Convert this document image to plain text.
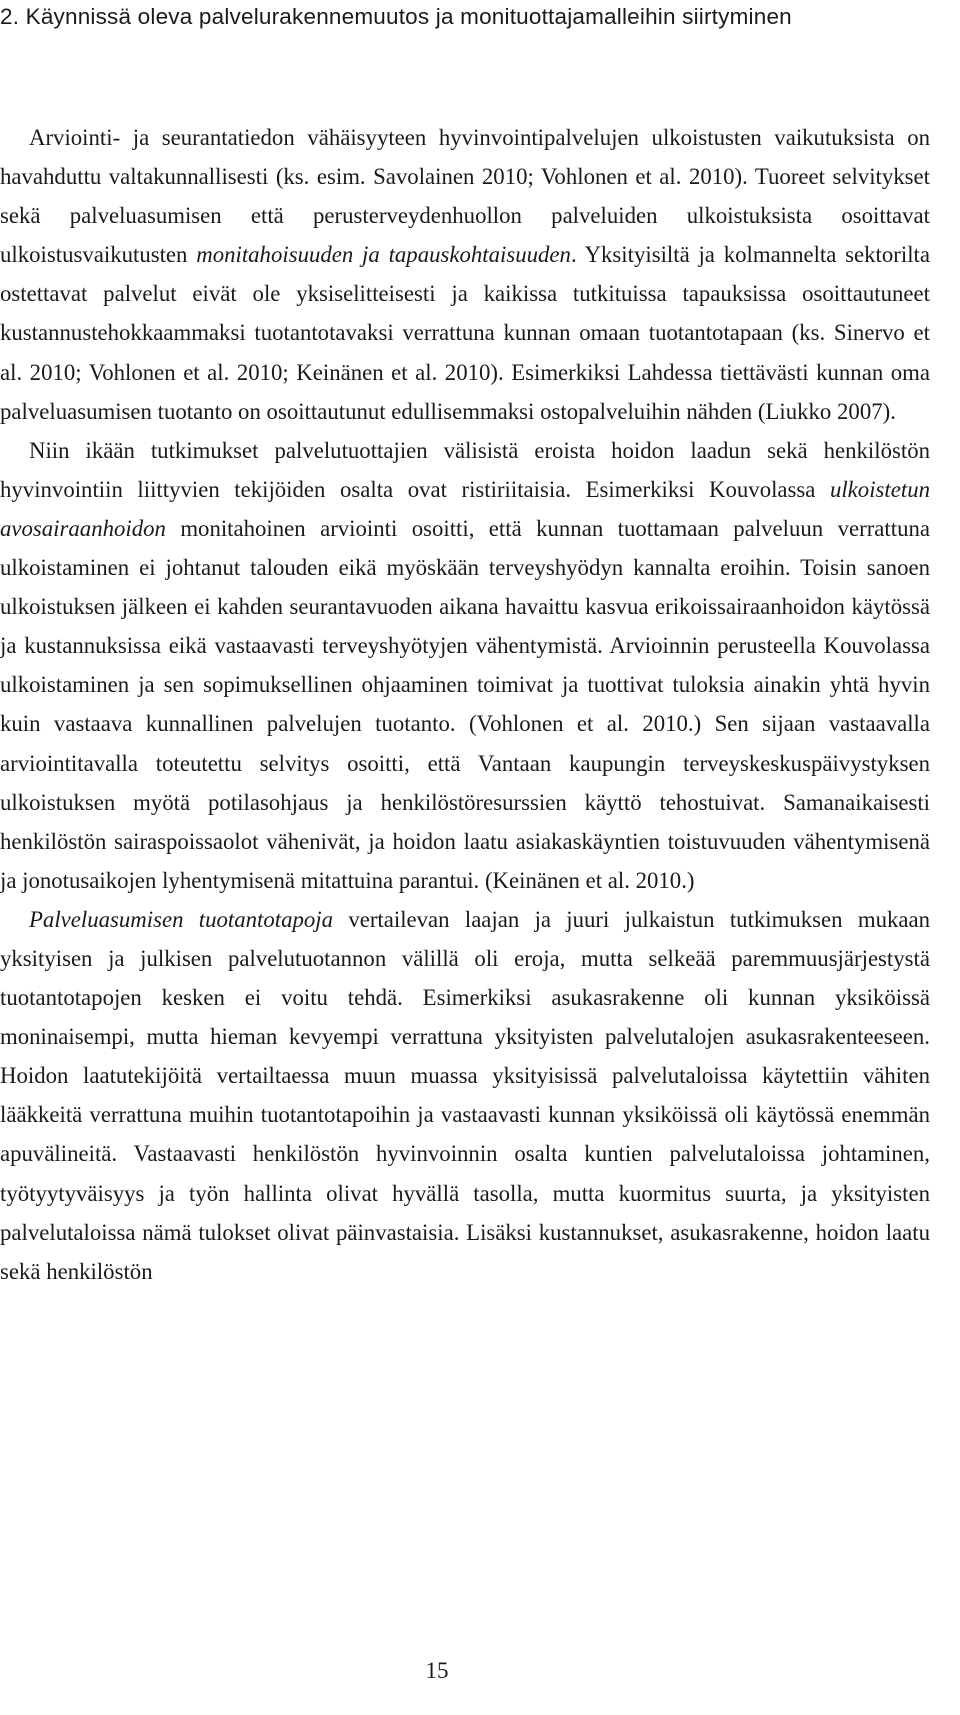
2. Käynnissä oleva palvelurakennemuutos ja monituottajamalleihin siirtyminen

Arviointi- ja seurantatiedon vähäisyyteen hyvinvointipalvelujen ulkoistusten vaikutuksista on havahduttu valtakunnallisesti (ks. esim. Savolainen 2010; Vohlonen et al. 2010). Tuoreet selvitykset sekä palveluasumisen että perusterveydenhuollon palveluiden ulkoistuksista osoittavat ulkoistusvaikutusten monitahoisuuden ja tapauskohtaisuuden. Yksityisiltä ja kolmannelta sektorilta ostettavat palvelut eivät ole yksiselitteisesti ja kaikissa tutkituissa tapauksissa osoittautuneet kustannustehokkaammaksi tuotantotavaksi verrattuna kunnan omaan tuotantotapaan (ks. Sinervo et al. 2010; Vohlonen et al. 2010; Keinänen et al. 2010). Esimerkiksi Lahdessa tiettävästi kunnan oma palveluasumisen tuotanto on osoittautunut edullisemmaksi ostopalveluihin nähden (Liukko 2007).

Niin ikään tutkimukset palvelutuottajien välisistä eroista hoidon laadun sekä henkilöstön hyvinvointiin liittyvien tekijöiden osalta ovat ristiriitaisia. Esimerkiksi Kouvolassa ulkoistetun avosairaanhoidon monitahoinen arviointi osoitti, että kunnan tuottamaan palveluun verrattuna ulkoistaminen ei johtanut talouden eikä myöskään terveyshyödyn kannalta eroihin. Toisin sanoen ulkoistuksen jälkeen ei kahden seurantavuoden aikana havaittu kasvua erikoissairaanhoidon käytössä ja kustannuksissa eikä vastaavasti terveyshyötyjen vähentymistä. Arvioinnin perusteella Kouvolassa ulkoistaminen ja sen sopimuksellinen ohjaaminen toimivat ja tuottivat tuloksia ainakin yhtä hyvin kuin vastaava kunnallinen palvelujen tuotanto. (Vohlonen et al. 2010.) Sen sijaan vastaavalla arviointitavalla toteutettu selvitys osoitti, että Vantaan kaupungin terveyskeskuspäivystyksen ulkoistuksen myötä potilasohjaus ja henkilöstöresurssien käyttö tehostuivat. Samanaikaisesti henkilöstön sairaspoissaolot vähenivät, ja hoidon laatu asiakaskäyntien toistuvuuden vähentymisenä ja jonotusaikojen lyhentymisenä mitattuina parantui. (Keinänen et al. 2010.)

Palveluasumisen tuotantotapoja vertailevan laajan ja juuri julkaistun tutkimuksen mukaan yksityisen ja julkisen palvelutuotannon välillä oli eroja, mutta selkeää paremmuusjärjestystä tuotantotapojen kesken ei voitu tehdä. Esimerkiksi asukasrakenne oli kunnan yksiköissä moninaisempi, mutta hieman kevyempi verrattuna yksityisten palvelutalojen asukasrakenteeseen. Hoidon laatutekijöitä vertailtaessa muun muassa yksityisissä palvelutaloissa käytettiin vähiten lääkkeitä verrattuna muihin tuotantotapoihin ja vastaavasti kunnan yksiköissä oli käytössä enemmän apuvälineitä. Vastaavasti henkilöstön hyvinvoinnin osalta kuntien palvelutaloissa johtaminen, työtyytyväisyys ja työn hallinta olivat hyvällä tasolla, mutta kuormitus suurta, ja yksityisten palvelutaloissa nämä tulokset olivat päinvastaisia. Lisäksi kustannukset, asukasrakenne, hoidon laatu sekä henkilöstön

15
